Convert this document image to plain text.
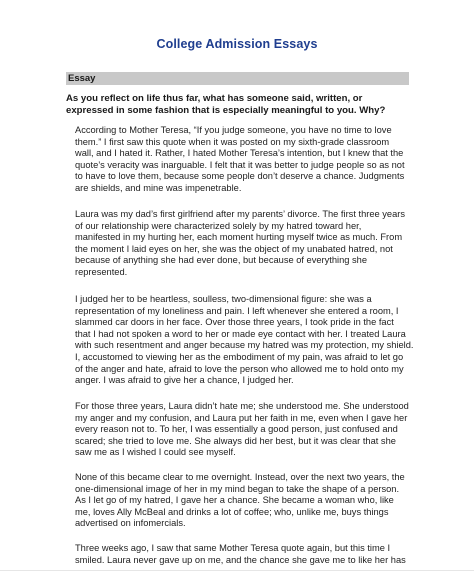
College Admission Essays
Essay
As you reflect on life thus far, what has someone said, written, or
expressed in some fashion that is especially meaningful to you. Why?
According to Mother Teresa, “If you judge someone, you have no time to love
them.” I first saw this quote when it was posted on my sixth-grade classroom
wall, and I hated it. Rather, I hated Mother Teresa’s intention, but I knew that the
quote’s veracity was inarguable. I felt that it was better to judge people so as not
to have to love them, because some people don’t deserve a chance. Judgments
are shields, and mine was impenetrable.
Laura was my dad’s first girlfriend after my parents’ divorce. The first three years
of our relationship were characterized solely by my hatred toward her,
manifested in my hurting her, each moment hurting myself twice as much. From
the moment I laid eyes on her, she was the object of my unabated hatred, not
because of anything she had ever done, but because of everything she
represented.
I judged her to be heartless, soulless, two-dimensional figure: she was a
representation of my loneliness and pain. I left whenever she entered a room, I
slammed car doors in her face. Over those three years, I took pride in the fact
that I had not spoken a word to her or made eye contact with her. I treated Laura
with such resentment and anger because my hatred was my protection, my shield.
I, accustomed to viewing her as the embodiment of my pain, was afraid to let go
of the anger and hate, afraid to love the person who allowed me to hold onto my
anger. I was afraid to give her a chance, I judged her.
For those three years, Laura didn’t hate me; she understood me. She understood
my anger and my confusion, and Laura put her faith in me, even when I gave her
every reason not to. To her, I was essentially a good person, just confused and
scared; she tried to love me. She always did her best, but it was clear that she
saw me as I wished I could see myself.
None of this became clear to me overnight. Instead, over the next two years, the
one-dimensional image of her in my mind began to take the shape of a person.
As I let go of my hatred, I gave her a chance. She became a woman who, like
me, loves Ally McBeal and drinks a lot of coffee; who, unlike me, buys things
advertised on infomercials.
Three weeks ago, I saw that same Mother Teresa quote again, but this time I
smiled. Laura never gave up on me, and the chance she gave me to like her has
